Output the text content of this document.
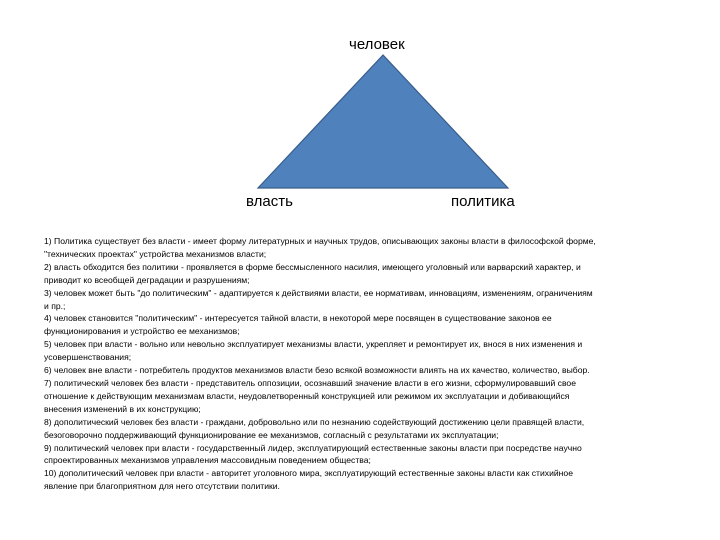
человек
власть	политика
1) Политика существует без власти - имеет форму литературных и научных трудов, описывающих законы власти в философской форме,
"технических проектах" устройства механизмов власти;
2) власть обходится без политики - проявляется в форме бессмысленного насилия, имеющего уголовный или варварский характер, и
приводит ко всеобщей деградации и разрушениям;
3) человек может быть "до политическим" - адаптируется к действиями власти, ее нормативам, инновациям, изменениям, ограничениям
и пр.;
4) человек становится "политическим" - интересуется тайной власти, в некоторой мере посвящен в существование законов ее
функционирования и устройство ее механизмов;
5) человек при власти - вольно или невольно эксплуатирует механизмы власти, укрепляет и ремонтирует их, внося в них изменения и
усовершенствования;
6) человек вне власти - потребитель продуктов механизмов власти безо всякой возможности влиять на их качество, количество, выбор.
7) политический человек без власти - представитель оппозиции, осознавший значение власти в его жизни, сформулировавший свое
отношение к действующим механизмам власти, неудовлетворенный конструкцией или режимом их эксплуатации и добивающийся
внесения изменений в их конструкцию;
8) дополитический человек без власти - граждани, добровольно или по незнанию содействующий достижению цели правящей власти,
безоговорочно поддерживающий функционирование ее механизмов, согласный с результатами их эксплуатации;
9) политический человек при власти - государственный лидер, эксплуатирующий естественные законы власти при посредстве научно
спроектированных механизмов управления массовидным поведением общества;
10) дополитический человек при власти - авторитет уголовного мира, эксплуатирующий естественные законы власти как стихийное
явление при благоприятном для него отсутствии политики.
